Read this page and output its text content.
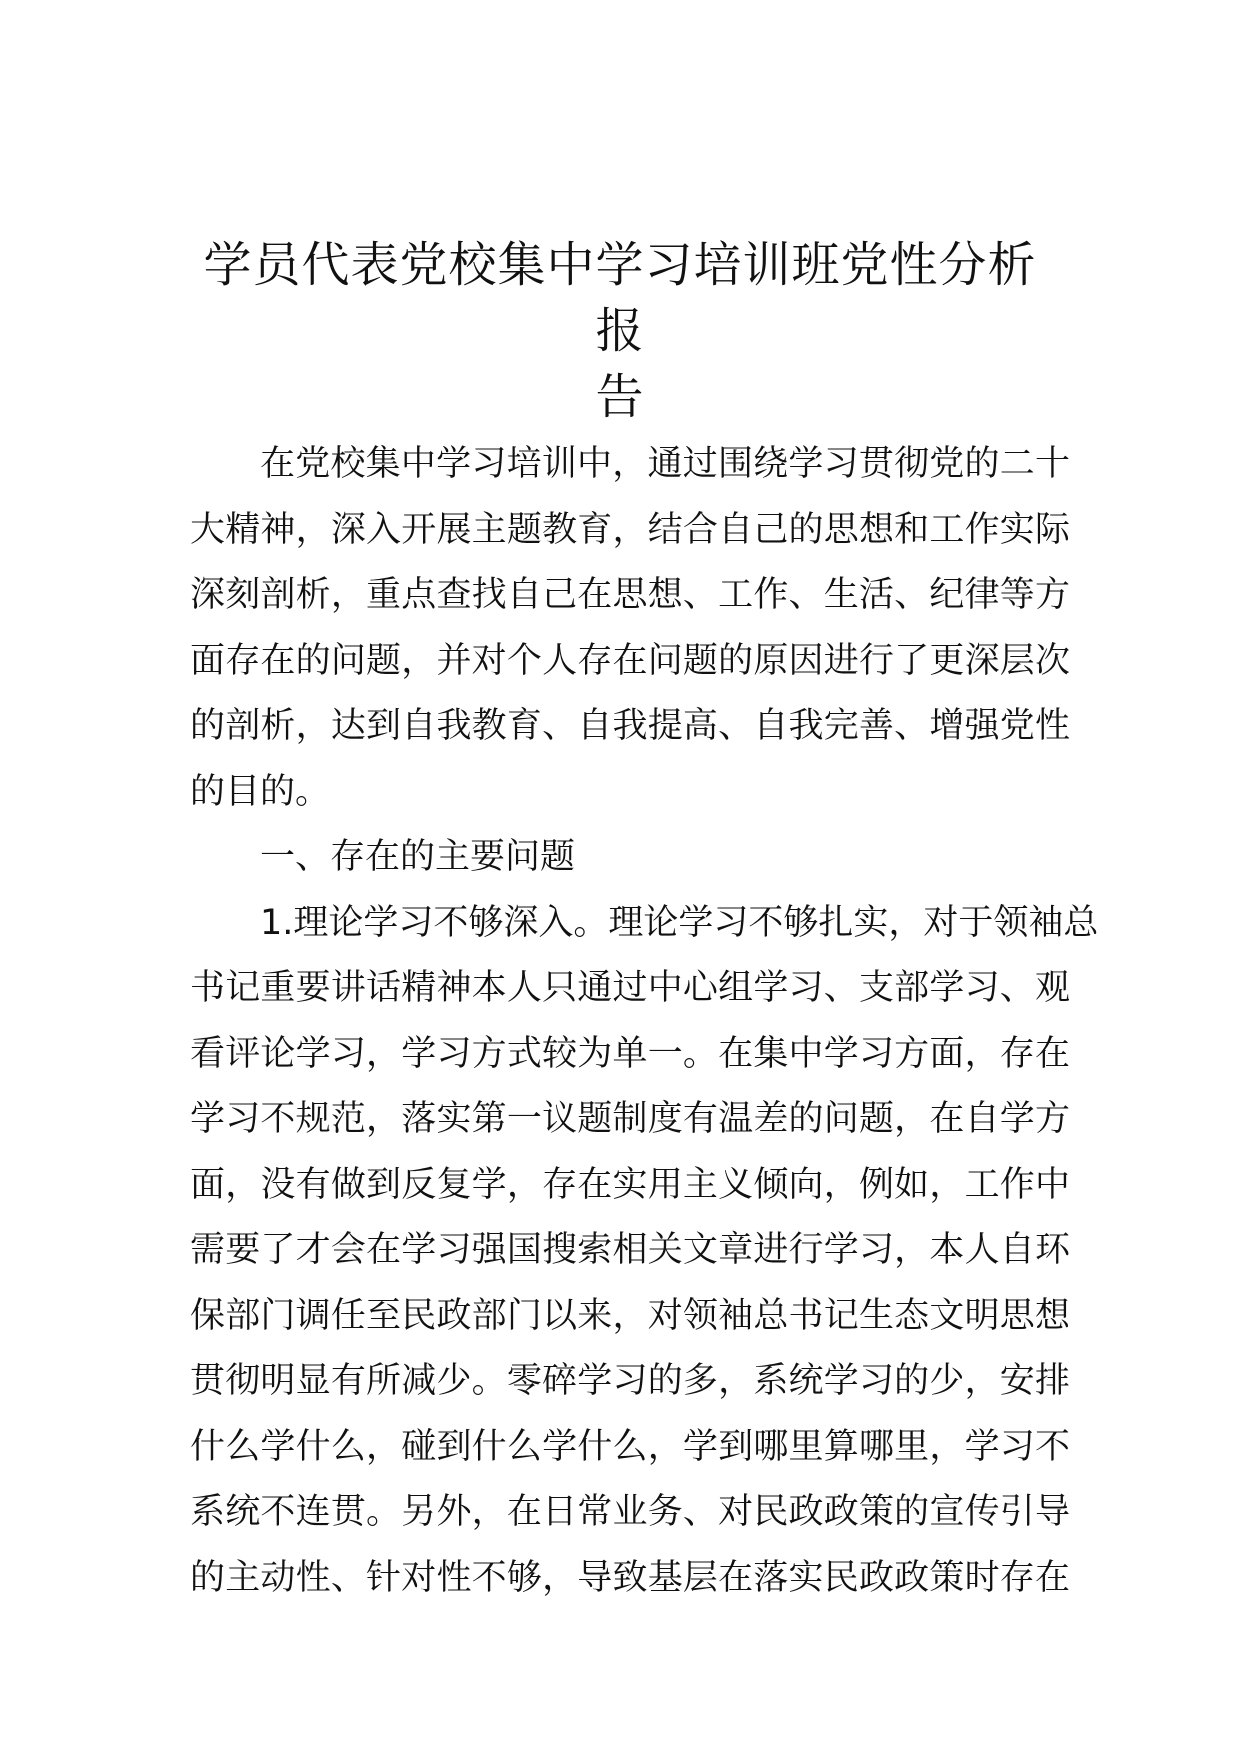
学员代表党校集中学习培训班党性分析报
告
在党校集中学习培训中，通过围绕学习贯彻党的二十
大精神，深入开展主题教育，结合自己的思想和工作实际
深刻剖析，重点查找自己在思想、工作、生活、纪律等方
面存在的问题，并对个人存在问题的原因进行了更深层次
的剖析，达到自我教育、自我提高、自我完善、增强党性
的目的。
一、存在的主要问题
1.理论学习不够深入。理论学习不够扎实，对于领袖总
书记重要讲话精神本人只通过中心组学习、支部学习、观
看评论学习，学习方式较为单一。在集中学习方面，存在
学习不规范，落实第一议题制度有温差的问题，在自学方
面，没有做到反复学，存在实用主义倾向，例如，工作中
需要了才会在学习强国搜索相关文章进行学习，本人自环
保部门调任至民政部门以来，对领袖总书记生态文明思想
贯彻明显有所减少。零碎学习的多，系统学习的少，安排
什么学什么，碰到什么学什么，学到哪里算哪里，学习不
系统不连贯。另外，在日常业务、对民政政策的宣传引导
的主动性、针对性不够，导致基层在落实民政政策时存在
